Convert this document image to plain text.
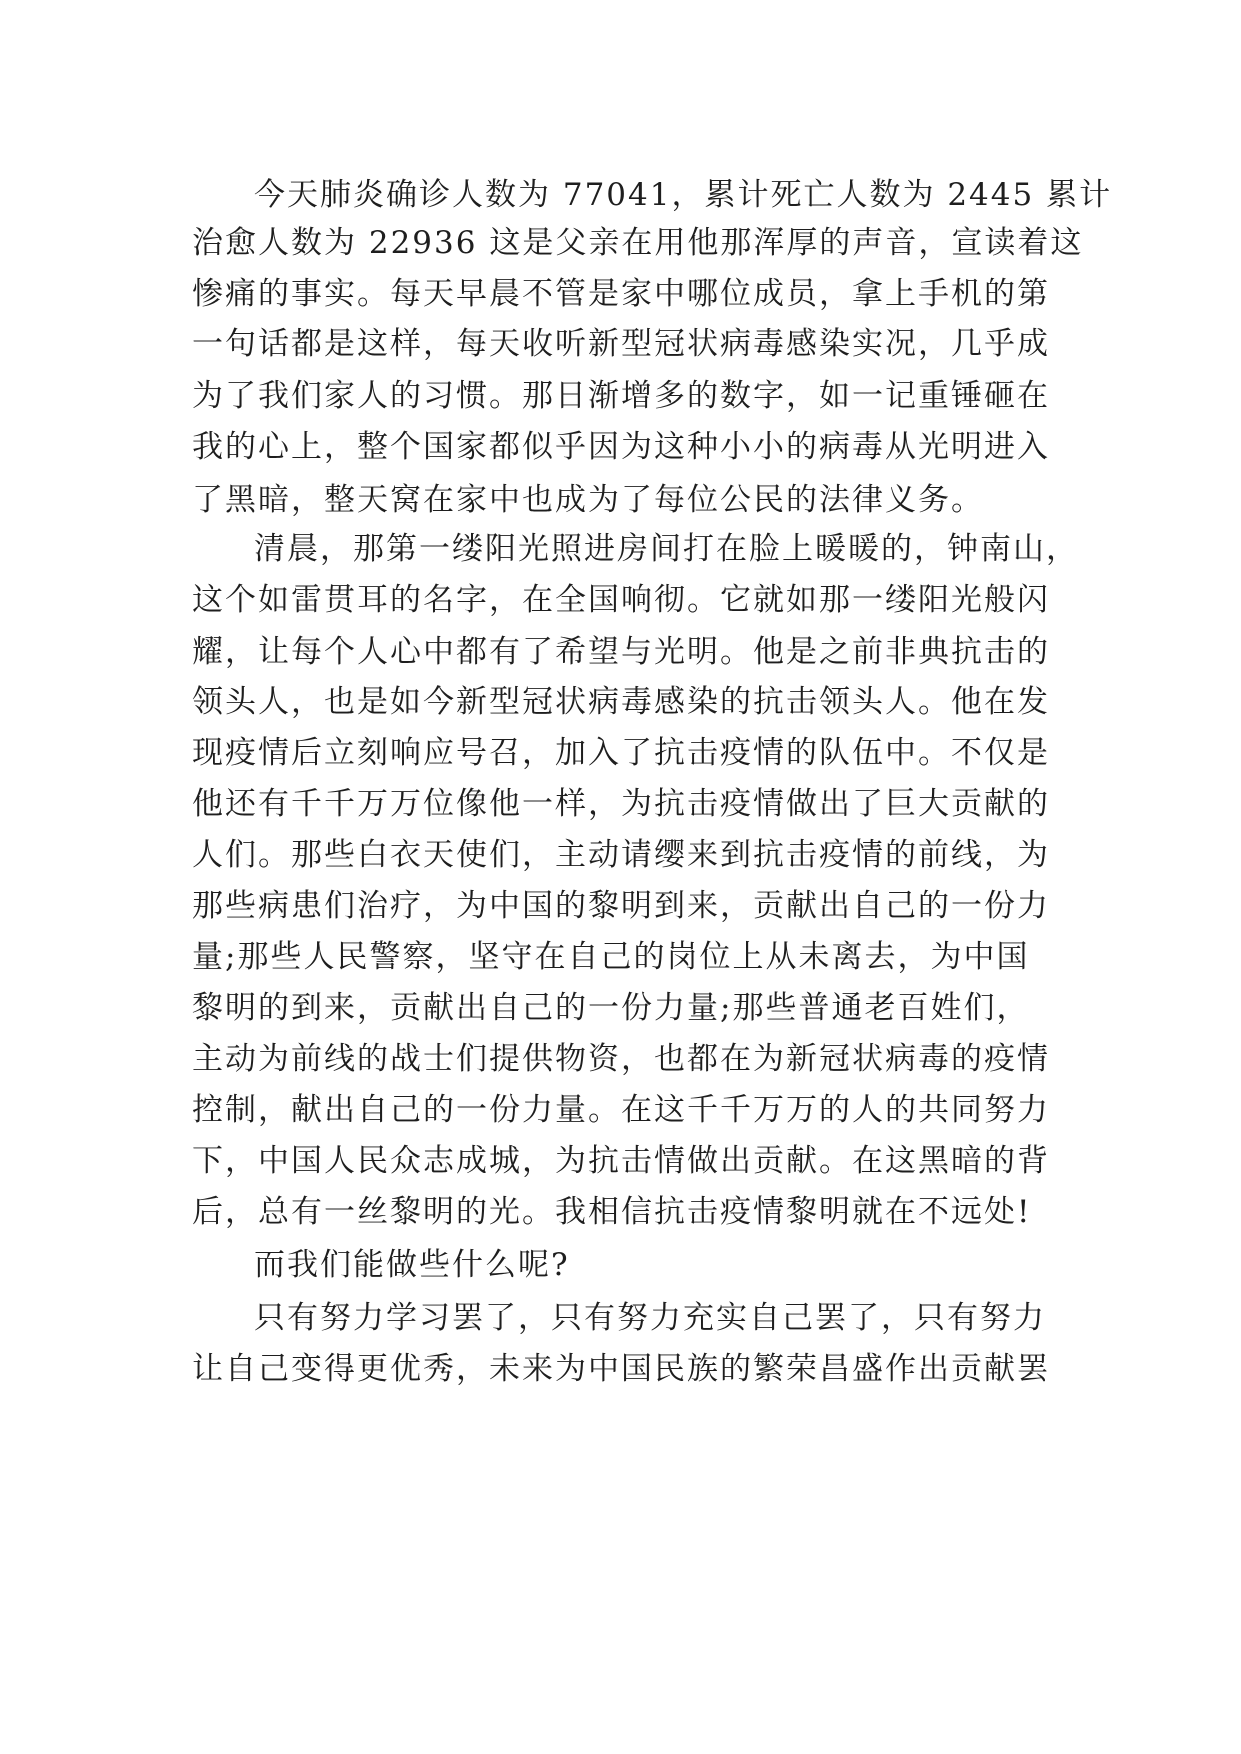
今天肺炎确诊人数为 77041，累计死亡人数为 2445 累计
治愈人数为 22936 这是父亲在用他那浑厚的声音，宣读着这
惨痛的事实。每天早晨不管是家中哪位成员，拿上手机的第
一句话都是这样，每天收听新型冠状病毒感染实况，几乎成
为了我们家人的习惯。那日渐增多的数字，如一记重锤砸在
我的心上，整个国家都似乎因为这种小小的病毒从光明进入
了黑暗，整天窝在家中也成为了每位公民的法律义务。
清晨，那第一缕阳光照进房间打在脸上暖暖的，钟南山，
这个如雷贯耳的名字，在全国响彻。它就如那一缕阳光般闪
耀，让每个人心中都有了希望与光明。他是之前非典抗击的
领头人，也是如今新型冠状病毒感染的抗击领头人。他在发
现疫情后立刻响应号召，加入了抗击疫情的队伍中。不仅是
他还有千千万万位像他一样，为抗击疫情做出了巨大贡献的
人们。那些白衣天使们，主动请缨来到抗击疫情的前线，为
那些病患们治疗，为中国的黎明到来，贡献出自己的一份力
量;那些人民警察，坚守在自己的岗位上从未离去，为中国
黎明的到来，贡献出自己的一份力量;那些普通老百姓们，
主动为前线的战士们提供物资，也都在为新冠状病毒的疫情
控制，献出自己的一份力量。在这千千万万的人的共同努力
下，中国人民众志成城，为抗击情做出贡献。在这黑暗的背
后，总有一丝黎明的光。我相信抗击疫情黎明就在不远处!
而我们能做些什么呢?
只有努力学习罢了，只有努力充实自己罢了，只有努力
让自己变得更优秀，未来为中国民族的繁荣昌盛作出贡献罢
